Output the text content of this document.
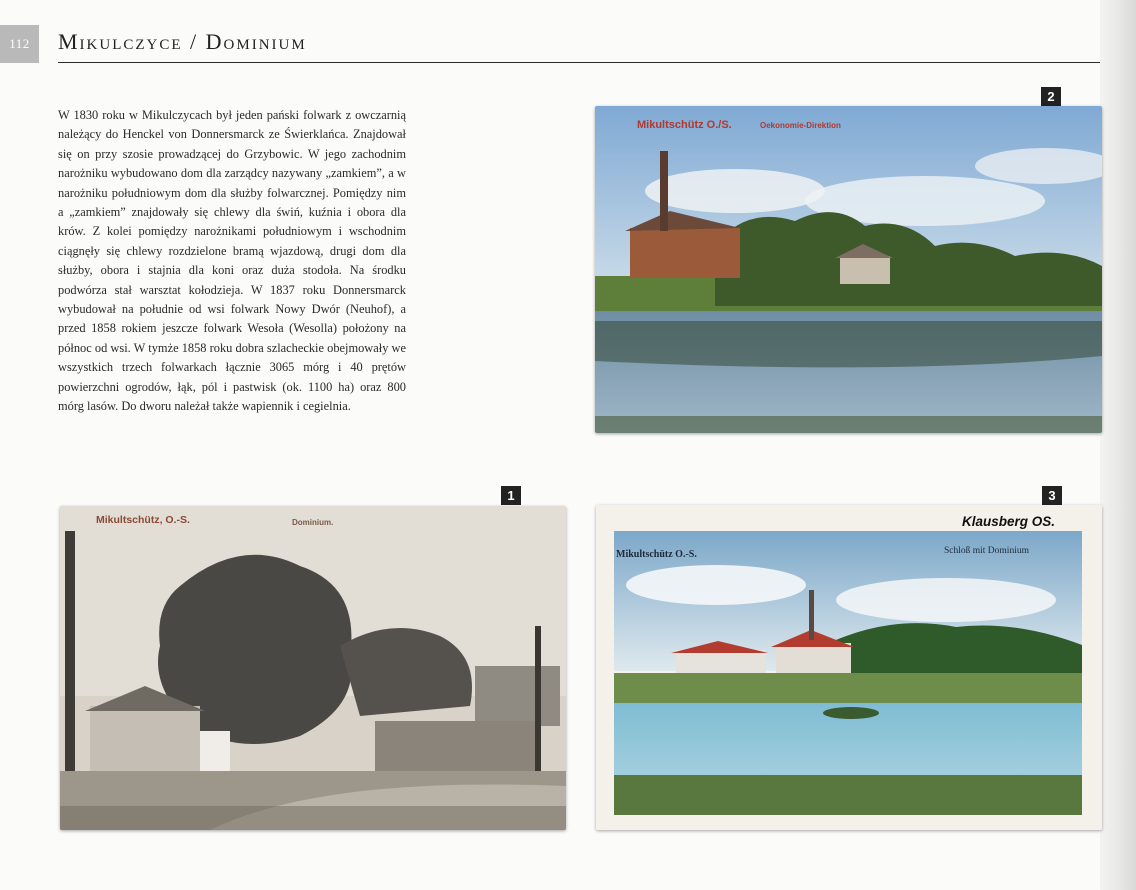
112 Mikulczyce / Dominium
W 1830 roku w Mikulczycach był jeden pański folwark z owczarnią należący do Henckel von Donnersmarck ze Świerklańca. Znajdował się on przy szosie prowadzącej do Grzybowic. W jego zachodnim narożniku wybudowano dom dla zarządcy nazywany „zamkiem”, a w narożniku południowym dom dla służby folwarcznej. Pomiędzy nim a „zamkiem” znajdowały się chlewy dla świń, kuźnia i obora dla krów. Z kolei pomiędzy narożnikami południowym i wschodnim ciągnęły się chlewy rozdzielone bramą wjazdową, drugi dom dla służby, obora i stajnia dla koni oraz duża stodoła. Na środku podwórza stał warsztat kołodzieja. W 1837 roku Donnersmarck wybudował na południe od wsi folwark Nowy Dwór (Neuhof), a przed 1858 rokiem jeszcze folwark Wesoła (Wesolla) położony na północ od wsi. W tymże 1858 roku dobra szlacheckie obejmowały we wszystkich trzech folwarkach łącznie 3065 mórg i 40 prętów powierzchni ogrodów, łąk, pól i pastwisk (ok. 1100 ha) oraz 800 mórg lasów. Do dworu należał także wapiennik i cegielnia.
2
Mikultschütz O./S.	Oekonomie-Direktion
1
Mikultschütz, O.-S.	Dominium.
3
Klausberg OS.
Mikultschütz O.-S.	Schloß mit Dominium
